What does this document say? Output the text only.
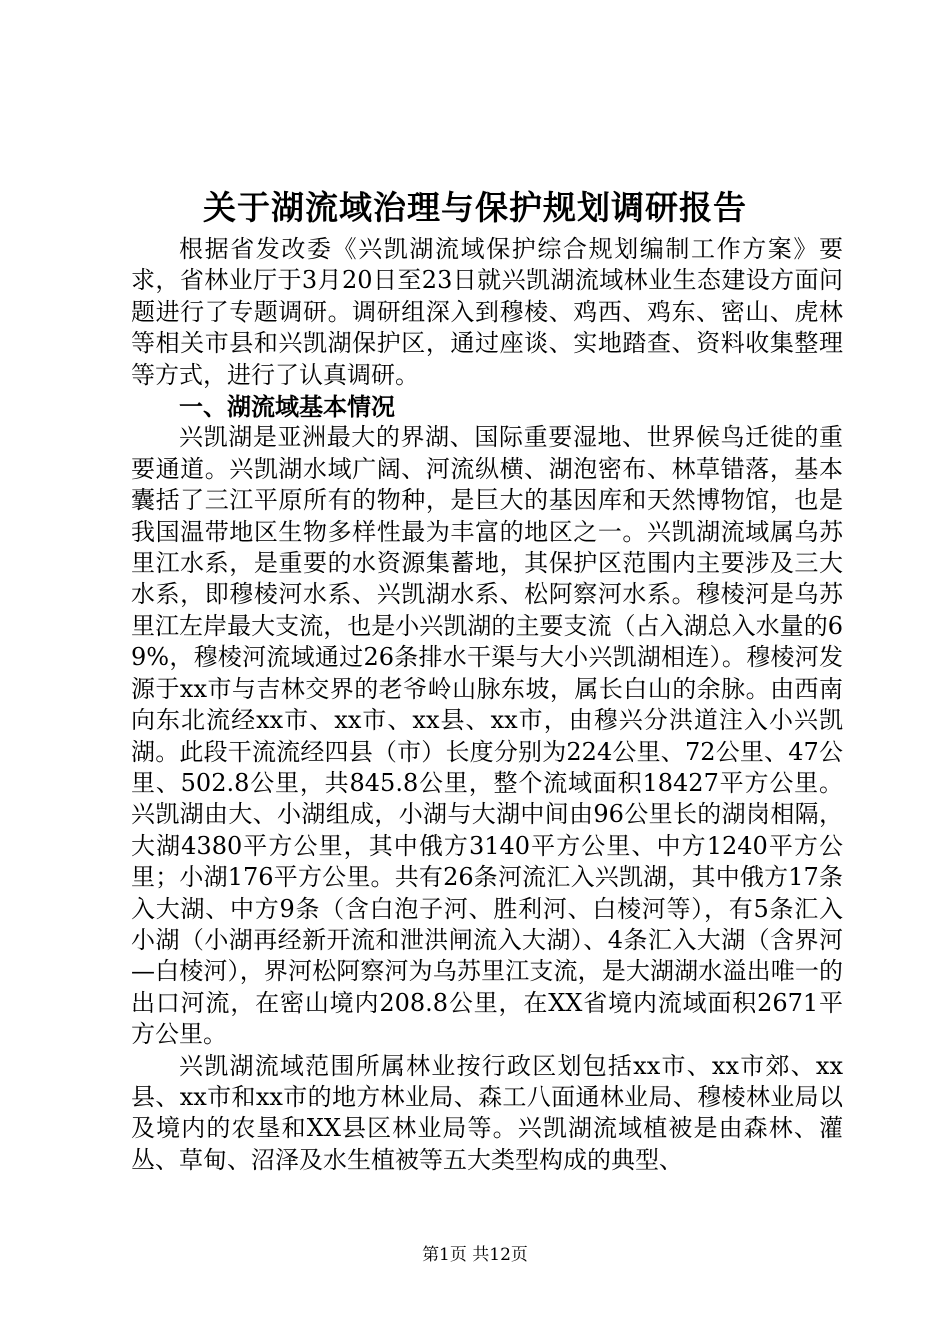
关于湖流域治理与保护规划调研报告

根据省发改委《兴凯湖流域保护综合规划编制工作方案》要求，省林业厅于3月20日至23日就兴凯湖流域林业生态建设方面问题进行了专题调研。调研组深入到穆棱、鸡西、鸡东、密山、虎林等相关市县和兴凯湖保护区，通过座谈、实地踏查、资料收集整理等方式，进行了认真调研。

一、湖流域基本情况

兴凯湖是亚洲最大的界湖、国际重要湿地、世界候鸟迁徙的重要通道。兴凯湖水域广阔、河流纵横、湖泡密布、林草错落，基本囊括了三江平原所有的物种，是巨大的基因库和天然博物馆，也是我国温带地区生物多样性最为丰富的地区之一。兴凯湖流域属乌苏里江水系，是重要的水资源集蓄地，其保护区范围内主要涉及三大水系，即穆棱河水系、兴凯湖水系、松阿察河水系。穆棱河是乌苏里江左岸最大支流，也是小兴凯湖的主要支流（占入湖总入水量的69%，穆棱河流域通过26条排水干渠与大小兴凯湖相连）。穆棱河发源于xx市与吉林交界的老爷岭山脉东坡，属长白山的余脉。由西南向东北流经xx市、xx市、xx县、xx市，由穆兴分洪道注入小兴凯湖。此段干流流经四县（市）长度分别为224公里、72公里、47公里、502.8公里，共845.8公里，整个流域面积18427平方公里。兴凯湖由大、小湖组成，小湖与大湖中间由96公里长的湖岗相隔，大湖4380平方公里，其中俄方3140平方公里、中方1240平方公里；小湖176平方公里。共有26条河流汇入兴凯湖，其中俄方17条入大湖、中方9条（含白泡子河、胜利河、白棱河等），有5条汇入小湖（小湖再经新开流和泄洪闸流入大湖）、4条汇入大湖（含界河—白棱河），界河松阿察河为乌苏里江支流，是大湖湖水溢出唯一的出口河流，在密山境内208.8公里，在XX省境内流域面积2671平方公里。

兴凯湖流域范围所属林业按行政区划包括xx市、xx市郊、xx县、xx市和xx市的地方林业局、森工八面通林业局、穆棱林业局以及境内的农垦和XX县区林业局等。兴凯湖流域植被是由森林、灌丛、草甸、沼泽及水生植被等五大类型构成的典型、

第1页 共12页
